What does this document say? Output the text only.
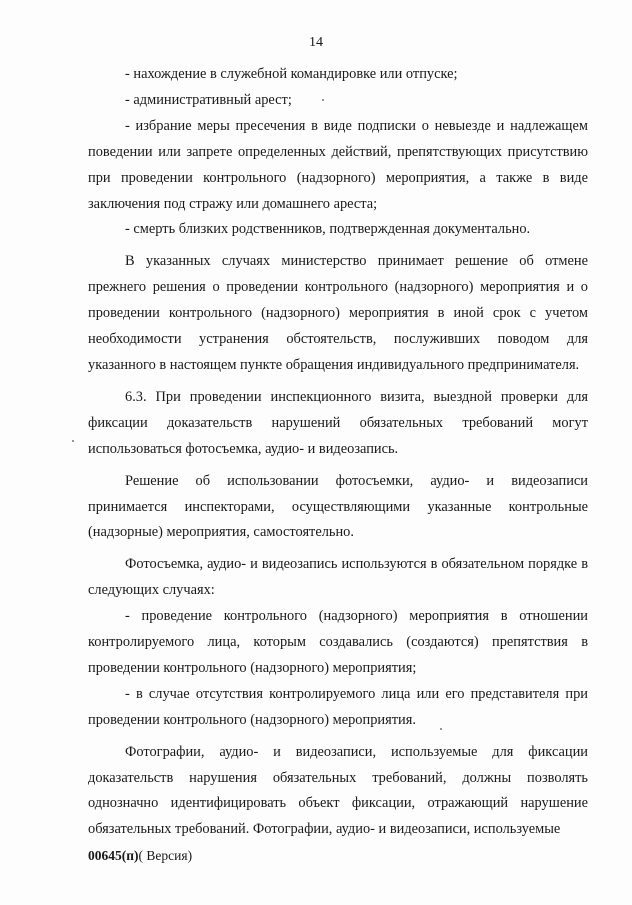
14

- нахождение в служебной командировке или отпуске;

- административный арест;

- избрание меры пресечения в виде подписки о невыезде и надлежащем поведении или запрете определенных действий, препятствующих присутствию при проведении контрольного (надзорного) мероприятия, а также в виде заключения под стражу или домашнего ареста;

- смерть близких родственников, подтвержденная документально.

В указанных случаях министерство принимает решение об отмене прежнего решения о проведении контрольного (надзорного) мероприятия и о проведении контрольного (надзорного) мероприятия в иной срок с учетом необходимости устранения обстоятельств, послуживших поводом для указанного в настоящем пункте обращения индивидуального предпринимателя.

6.3. При проведении инспекционного визита, выездной проверки для фиксации доказательств нарушений обязательных требований могут использоваться фотосъемка, аудио- и видеозапись.

Решение об использовании фотосъемки, аудио- и видеозаписи принимается инспекторами, осуществляющими указанные контрольные (надзорные) мероприятия, самостоятельно.

Фотосъемка, аудио- и видеозапись используются в обязательном порядке в следующих случаях:

- проведение контрольного (надзорного) мероприятия в отношении контролируемого лица, которым создавались (создаются) препятствия в проведении контрольного (надзорного) мероприятия;

- в случае отсутствия контролируемого лица или его представителя при проведении контрольного (надзорного) мероприятия.

Фотографии, аудио- и видеозаписи, используемые для фиксации доказательств нарушения обязательных требований, должны позволять однозначно идентифицировать объект фиксации, отражающий нарушение обязательных требований. Фотографии, аудио- и видеозаписи, используемые

00645(п)( Версия)
